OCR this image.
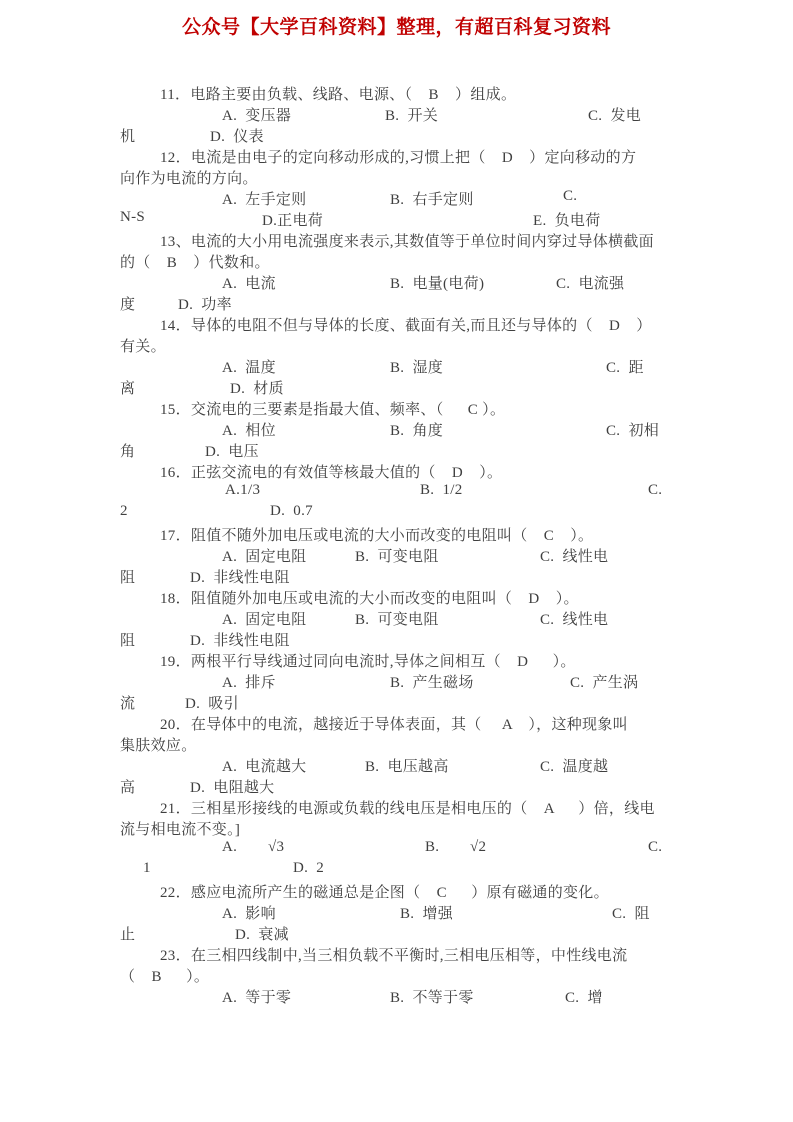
公众号【大学百科资料】整理，有超百科复习资料
11．电路主要由负载、线路、电源、（    B    ）组成。
A.  变压器	B.  开关	C.  发电
机	D.  仪表
12．电流是由电子的定向移动形成的,习惯上把（    D    ）定向移动的方
向作为电流的方向。
A.  左手定则	B.  右手定则	C.
N-S	D.正电荷	E.  负电荷
13、电流的大小用电流强度来表示,其数值等于单位时间内穿过导体横截面
的（    B    ）代数和。
A.  电流	B.  电量(电荷)	C.  电流强
度	D.  功率
14．导体的电阻不但与导体的长度、截面有关,而且还与导体的（    D    ）
有关。
A.  温度	B.  湿度	C.  距
离	D.  材质
15．交流电的三要素是指最大值、频率、（      C ）。
A.  相位	B.  角度	C.  初相
角	D.  电压
16．正弦交流电的有效值等核最大值的（    D    ）。
A.1/3	B.  1/2	C.
2	D.  0.7
17．阻值不随外加电压或电流的大小而改变的电阻叫（    C    ）。
A.  固定电阻	B.  可变电阻	C.  线性电
阻	D.  非线性电阻
18．阻值随外加电压或电流的大小而改变的电阻叫（    D    ）。
A.  固定电阻	B.  可变电阻	C.  线性电
阻	D.  非线性电阻
19．两根平行导线通过同向电流时,导体之间相互（    D      ）。
A.  排斥	B.  产生磁场	C.  产生涡
流	D.  吸引
20．在导体中的电流，越接近于导体表面，其（     A    ），这种现象叫
集肤效应。
A.  电流越大	B.  电压越高	C.  温度越
高	D.  电阻越大
21．三相星形接线的电源或负载的线电压是相电压的（    A      ）倍，线电
流与相电流不变。]
A. √3	B. √2	C.
1	D.  2
22．感应电流所产生的磁通总是企图（    C      ）原有磁通的变化。
A.  影响	B.  增强	C.  阻
止	D.  衰减
23．在三相四线制中,当三相负载不平衡时,三相电压相等，中性线电流
（    B      ）。
A.  等于零	B.  不等于零	C.  增
